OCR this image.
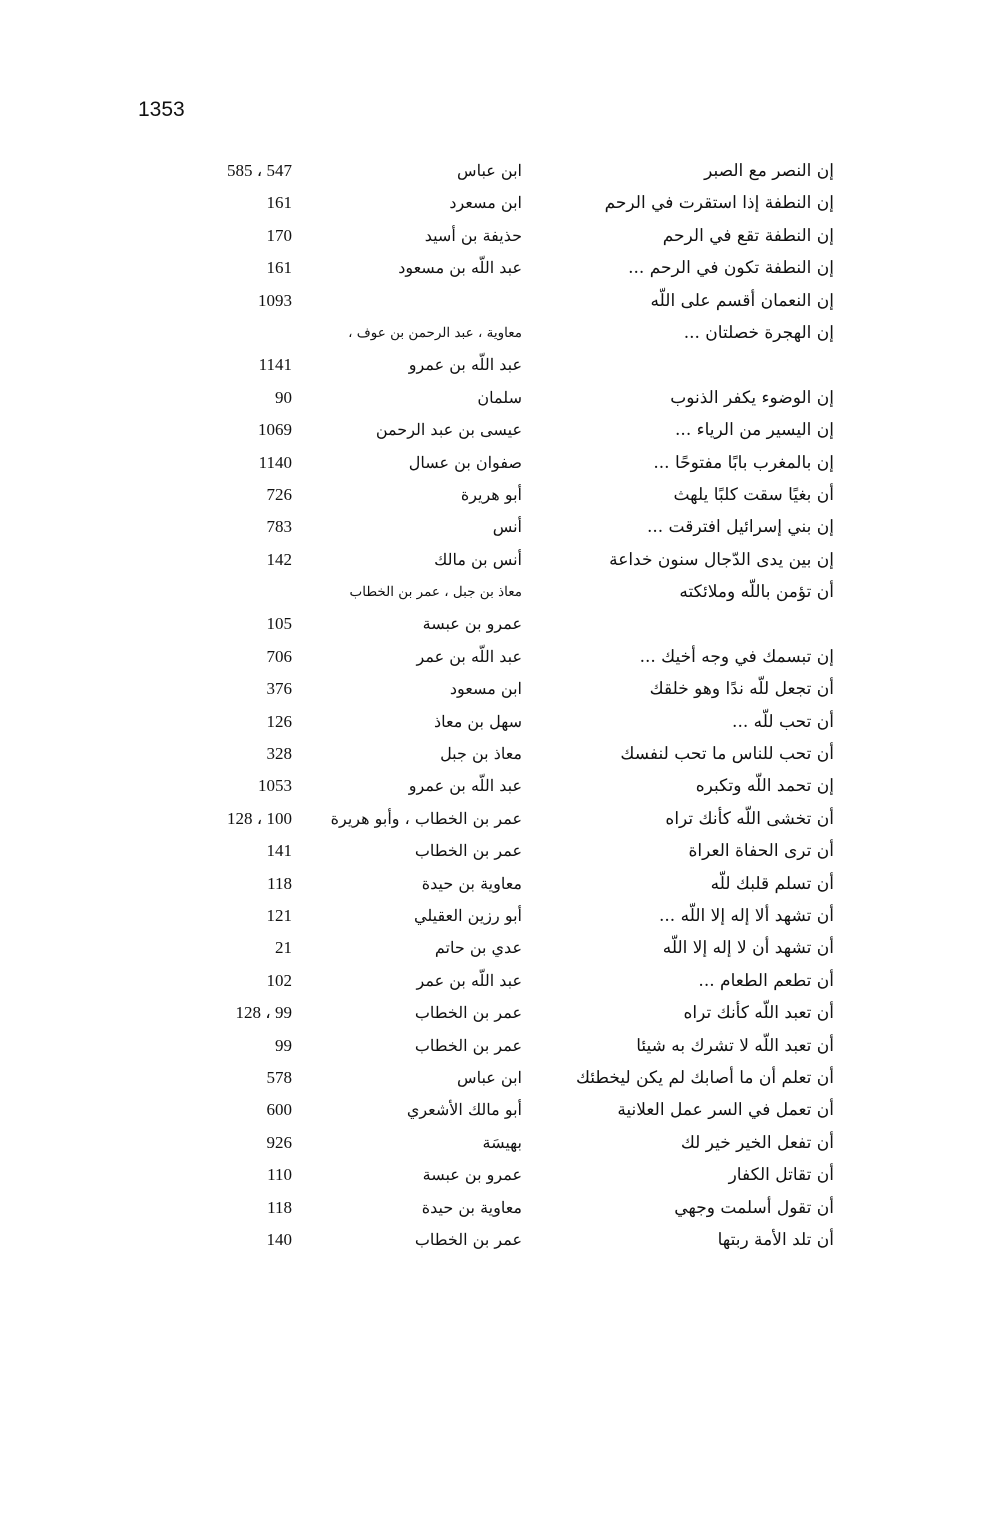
1353
إن النصر مع الصبر
ابن عباس
585 ، 547
إن النطفة إذا استقرت في الرحم
ابن مسعرد
161
إن النطفة تقع في الرحم
حذيفة بن أسيد
170
إن النطفة تكون في الرحم ...
عبد اللّه بن مسعود
161
إن النعمان أقسم على اللّه
1093
إن الهجرة خصلتان ...
معاوية ، عبد الرحمن بن عوف ،
عبد اللّه بن عمرو
1141
إن الوضوء يكفر الذنوب
سلمان
90
إن اليسير من الرياء ...
عيسى بن عبد الرحمن
1069
إن بالمغرب بابًا مفتوحًا ...
صفوان بن عسال
1140
أن بغيًا سقت كلبًا يلهث
أبو هريرة
726
إن بني إسرائيل افترقت ...
أنس
783
إن بين يدى الدّجال سنون خداعة
أنس بن مالك
142
أن تؤمن باللّه وملائكته
معاذ بن جبل ، عمر بن الخطاب
عمرو بن عبسة
105
إن تبسمك في وجه أخيك ...
عبد اللّه بن عمر
706
أن تجعل للّه ندًا وهو خلقك
ابن مسعود
376
أن تحب للّه ...
سهل بن معاذ
126
أن تحب للناس ما تحب لنفسك
معاذ بن جبل
328
إن تحمد اللّه وتكبره
عبد اللّه بن عمرو
1053
أن تخشى اللّه كأنك تراه
عمر بن الخطاب ، وأبو هريرة
128 ، 100
أن ترى الحفاة العراة
عمر بن الخطاب
141
أن تسلم قلبك للّه
معاوية بن حيدة
118
أن تشهد ألا إله إلا اللّه ...
أبو رزين العقيلي
121
أن تشهد أن لا إله إلا اللّه
عدي بن حاتم
21
أن تطعم الطعام ...
عبد اللّه بن عمر
102
أن تعبد اللّه كأنك تراه
عمر بن الخطاب
128 ، 99
أن تعبد اللّه لا تشرك به شيئا
عمر بن الخطاب
99
أن تعلم أن ما أصابك لم يكن ليخطئك
ابن عباس
578
أن تعمل في السر عمل العلانية
أبو مالك الأشعري
600
أن تفعل الخير خير لك
بهيسَة
926
أن تقاتل الكفار
عمرو بن عبسة
110
أن تقول أسلمت وجهي
معاوية بن حيدة
118
أن تلد الأمة ربتها
عمر بن الخطاب
140
